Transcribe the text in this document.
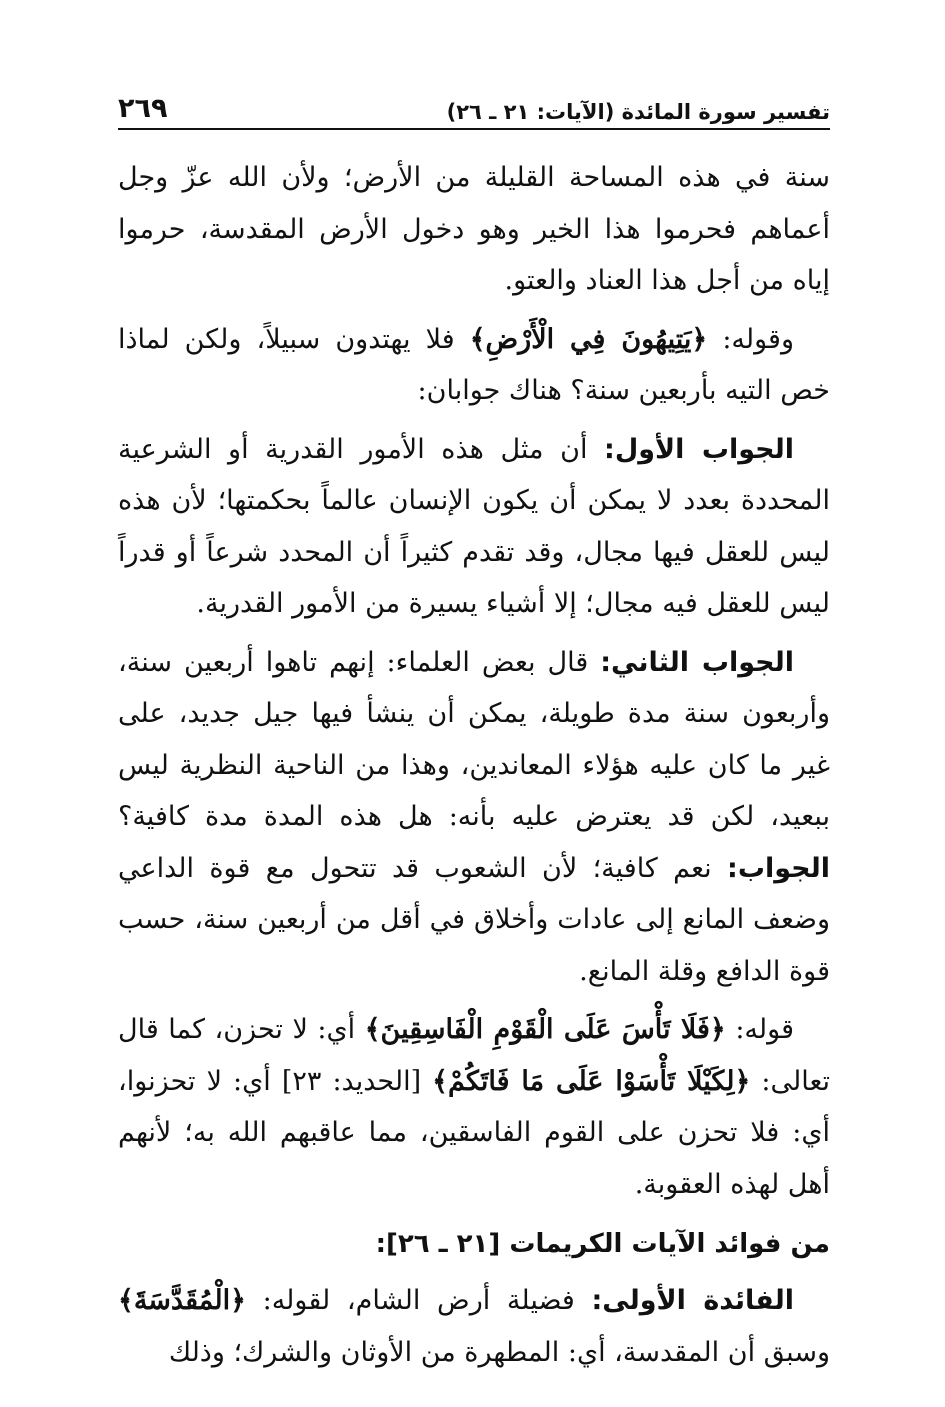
تفسير سورة المائدة (الآيات: ٢١ ـ ٢٦)
٢٦٩

سنة في هذه المساحة القليلة من الأرض؛ ولأن الله عزّ وجل أعماهم فحرموا هذا الخير وهو دخول الأرض المقدسة، حرموا إياه من أجل هذا العناد والعتو.

وقوله: ﴿يَتِيهُونَ فِي الْأَرْضِ﴾ فلا يهتدون سبيلاً، ولكن لماذا خص التيه بأربعين سنة؟ هناك جوابان:

الجواب الأول: أن مثل هذه الأمور القدرية أو الشرعية المحددة بعدد لا يمكن أن يكون الإنسان عالماً بحكمتها؛ لأن هذه ليس للعقل فيها مجال، وقد تقدم كثيراً أن المحدد شرعاً أو قدراً ليس للعقل فيه مجال؛ إلا أشياء يسيرة من الأمور القدرية.

الجواب الثاني: قال بعض العلماء: إنهم تاهوا أربعين سنة، وأربعون سنة مدة طويلة، يمكن أن ينشأ فيها جيل جديد، على غير ما كان عليه هؤلاء المعاندين، وهذا من الناحية النظرية ليس ببعيد، لكن قد يعترض عليه بأنه: هل هذه المدة مدة كافية؟ الجواب: نعم كافية؛ لأن الشعوب قد تتحول مع قوة الداعي وضعف المانع إلى عادات وأخلاق في أقل من أربعين سنة، حسب قوة الدافع وقلة المانع.

قوله: ﴿فَلَا تَأْسَ عَلَى الْقَوْمِ الْفَاسِقِينَ﴾ أي: لا تحزن، كما قال تعالى: ﴿لِكَيْلَا تَأْسَوْا عَلَى مَا فَاتَكُمْ﴾ [الحديد: ٢٣] أي: لا تحزنوا، أي: فلا تحزن على القوم الفاسقين، مما عاقبهم الله به؛ لأنهم أهل لهذه العقوبة.

من فوائد الآيات الكريمات [٢١ ـ ٢٦]:

الفائدة الأولى: فضيلة أرض الشام، لقوله: ﴿الْمُقَدَّسَةَ﴾ وسبق أن المقدسة، أي: المطهرة من الأوثان والشرك؛ وذلك
